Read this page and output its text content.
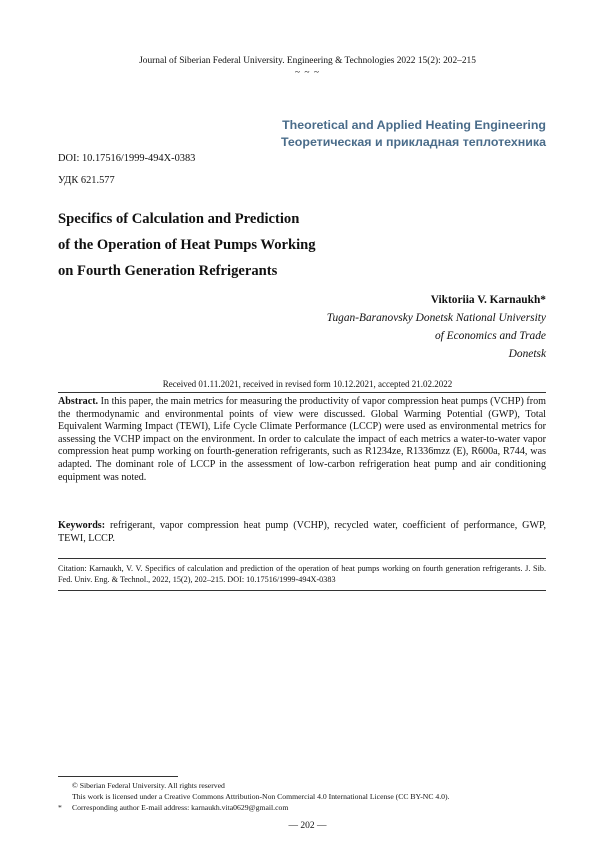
Journal of Siberian Federal University. Engineering & Technologies 2022 15(2): 202–215
~ ~ ~
Theoretical and Applied Heating Engineering
Теоретическая и прикладная теплотехника
DOI: 10.17516/1999-494X-0383
УДК 621.577
Specifics of Calculation and Prediction
of the Operation of Heat Pumps Working
on Fourth Generation Refrigerants
Viktoriia V. Karnaukh*
Tugan-Baranovsky Donetsk National University
of Economics and Trade
Donetsk
Received 01.11.2021, received in revised form 10.12.2021, accepted 21.02.2022
Abstract. In this paper, the main metrics for measuring the productivity of vapor compression heat pumps (VCHP) from the thermodynamic and environmental points of view were discussed. Global Warming Potential (GWP), Total Equivalent Warming Impact (TEWI), Life Cycle Climate Performance (LCCP) were used as environmental metrics for assessing the VCHP impact on the environment. In order to calculate the impact of each metrics a water-to-water vapor compression heat pump working on fourth-generation refrigerants, such as R1234ze, R1336mzz (E), R600a, R744, was adapted. The dominant role of LCCP in the assessment of low-carbon refrigeration heat pump and air conditioning equipment was noted.
Keywords: refrigerant, vapor compression heat pump (VCHP), recycled water, coefficient of performance, GWP, TEWI, LCCP.
Citation: Karnaukh, V. V. Specifics of calculation and prediction of the operation of heat pumps working on fourth generation refrigerants. J. Sib. Fed. Univ. Eng. & Technol., 2022, 15(2), 202–215. DOI: 10.17516/1999-494X-0383
© Siberian Federal University. All rights reserved
This work is licensed under a Creative Commons Attribution-Non Commercial 4.0 International License (CC BY-NC 4.0).
* Corresponding author E-mail address: karnaukh.vita0629@gmail.com
— 202 —
